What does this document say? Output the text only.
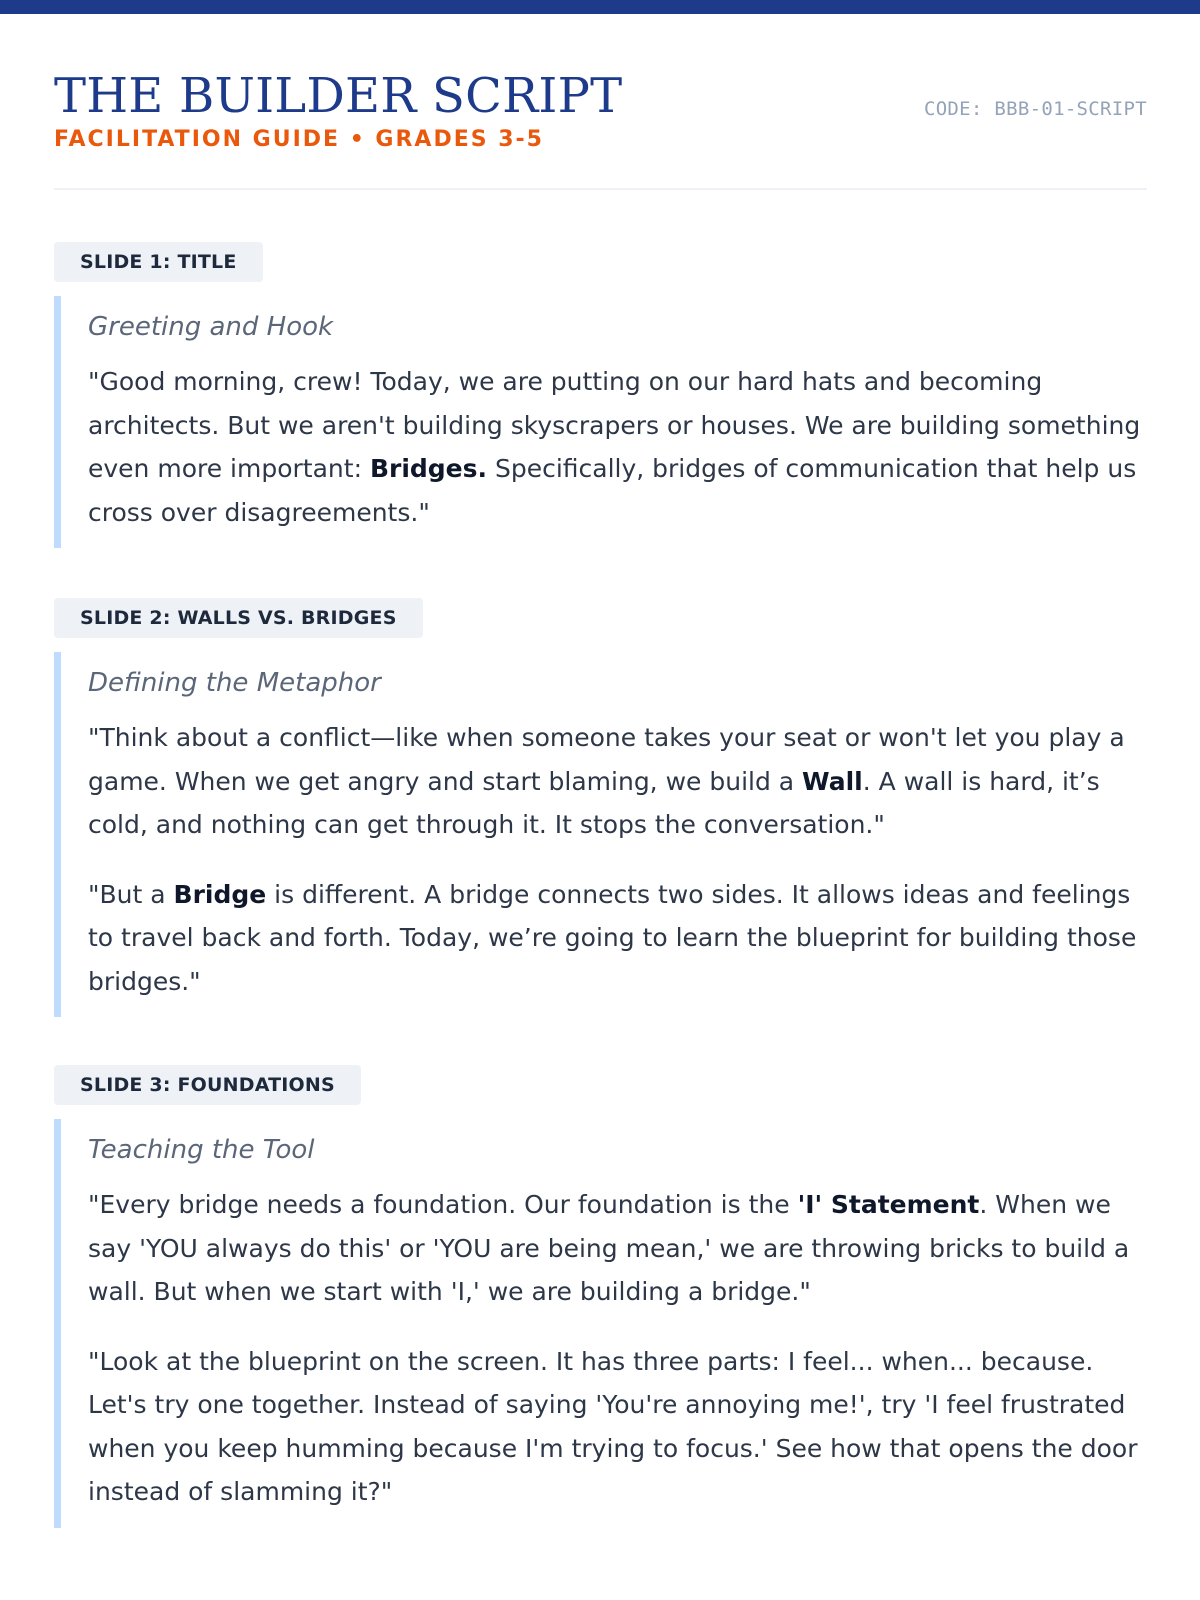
THE BUILDER SCRIPT
FACILITATION GUIDE • GRADES 3-5
CODE: BBB-01-SCRIPT
SLIDE 1: TITLE
Greeting and Hook

"Good morning, crew! Today, we are putting on our hard hats and becoming architects. But we aren't building skyscrapers or houses. We are building something even more important: Bridges. Specifically, bridges of communication that help us cross over disagreements."

SLIDE 2: WALLS VS. BRIDGES
Defining the Metaphor

"Think about a conflict—like when someone takes your seat or won't let you play a game. When we get angry and start blaming, we build a Wall. A wall is hard, it’s cold, and nothing can get through it. It stops the conversation."

"But a Bridge is different. A bridge connects two sides. It allows ideas and feelings to travel back and forth. Today, we’re going to learn the blueprint for building those bridges."

SLIDE 3: FOUNDATIONS
Teaching the Tool

"Every bridge needs a foundation. Our foundation is the 'I' Statement. When we say 'YOU always do this' or 'YOU are being mean,' we are throwing bricks to build a wall. But when we start with 'I,' we are building a bridge."

"Look at the blueprint on the screen. It has three parts: I feel... when... because. Let's try one together. Instead of saying 'You're annoying me!', try 'I feel frustrated when you keep humming because I'm trying to focus.' See how that opens the door instead of slamming it?"
